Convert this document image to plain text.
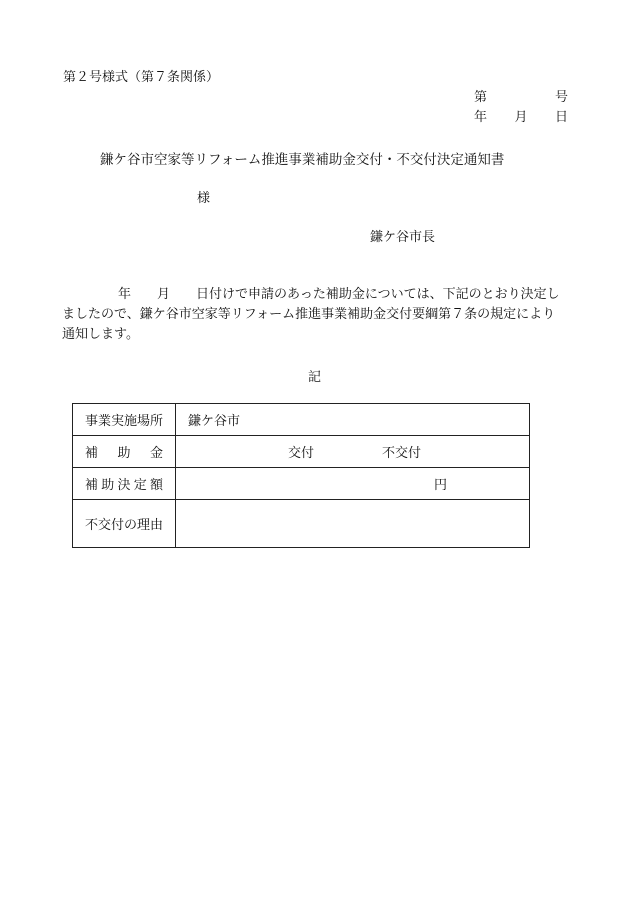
第２号様式（第７条関係）
第	号
年 月 日
鎌ケ谷市空家等リフォーム推進事業補助金交付・不交付決定通知書
様
鎌ケ谷市長
年 月 日付けで申請のあった補助金については、下記のとおり決定し
ましたので、鎌ケ谷市空家等リフォーム推進事業補助金交付要綱第７条の規定により
通知します。
記
事業実施場所	鎌ケ谷市

補 助 金	交付 不交付

補 助 決 定 額	円
不交付の理由	
